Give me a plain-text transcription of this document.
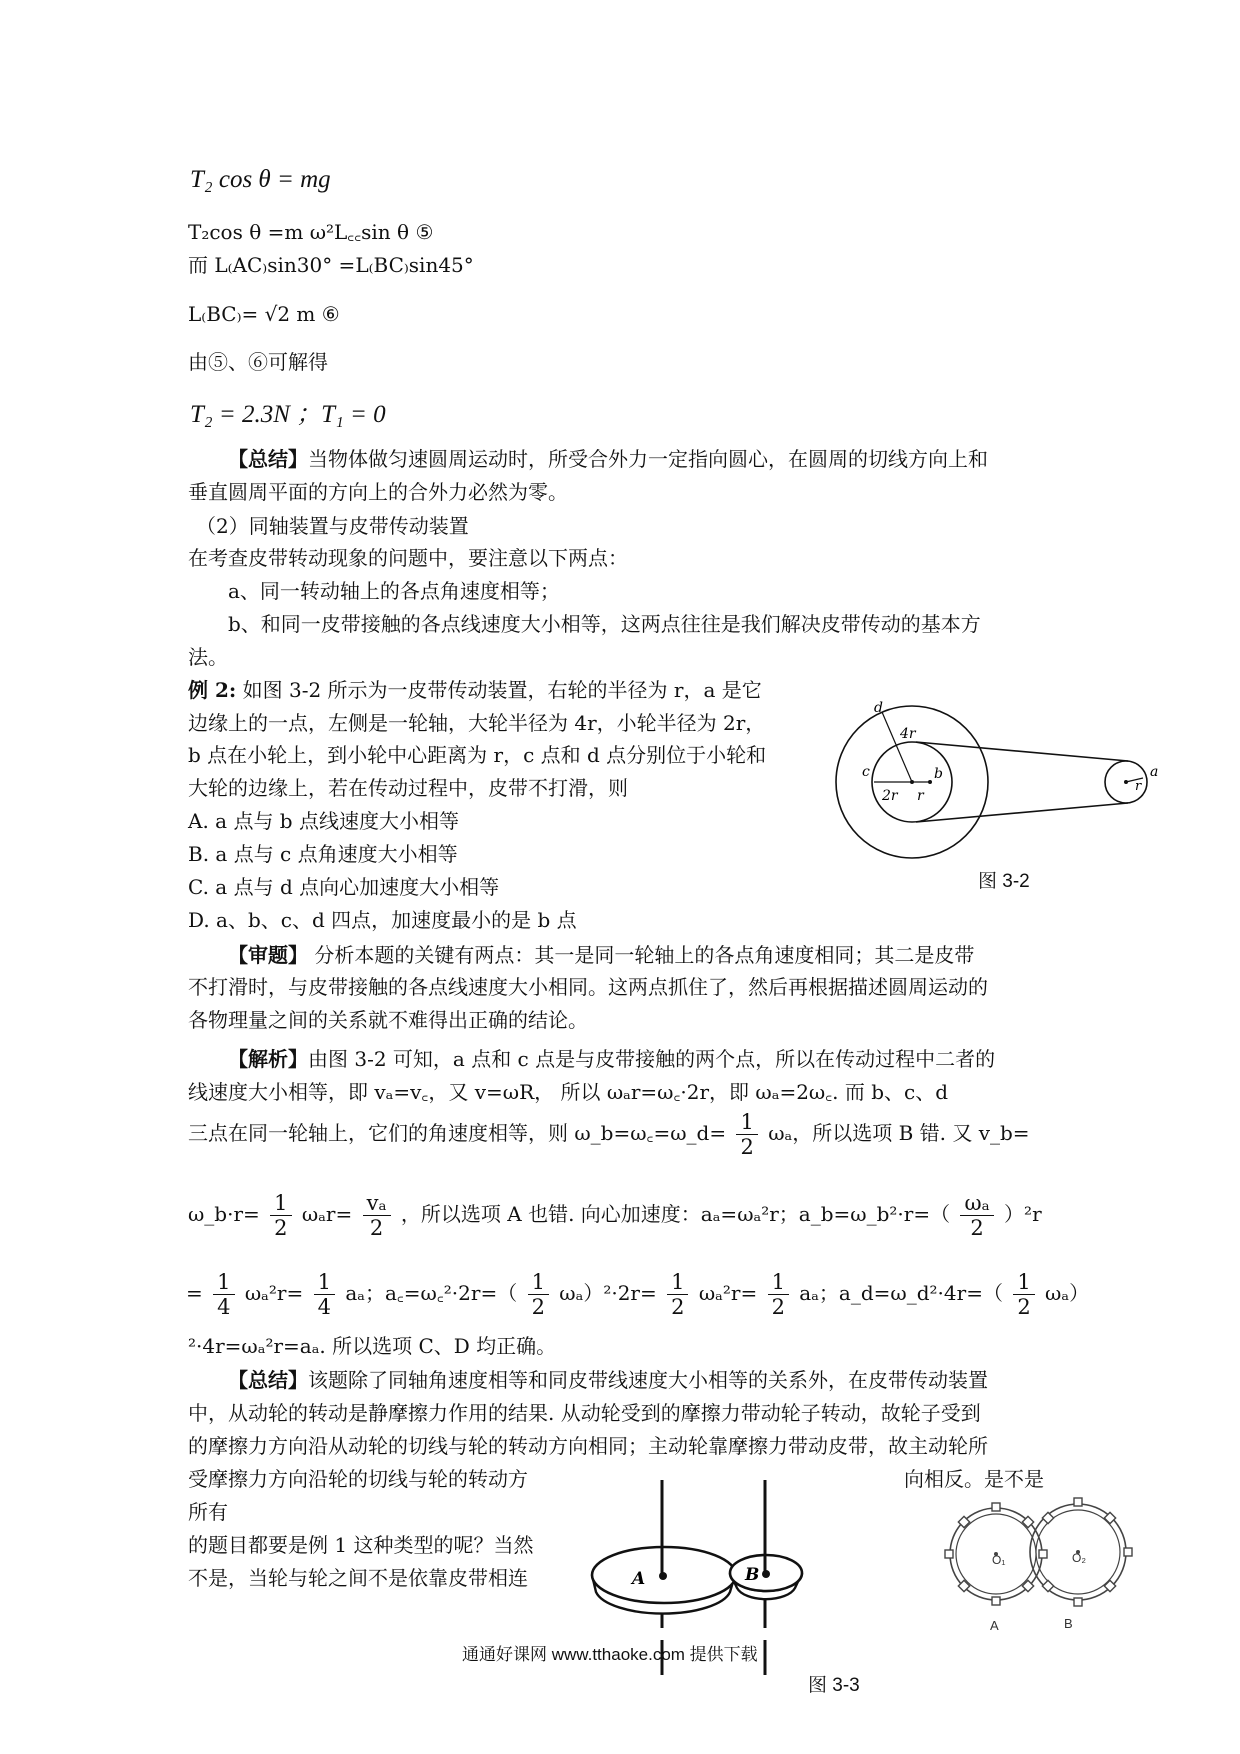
T₂ cos θ = mg
T₂cos θ =m ω²L꜀꜀sin θ ⑤
而 L₍AC₎sin30° =L₍BC₎sin45°
L₍BC₎= √2 m ⑥
由⑤、⑥可解得
T₂ = 2.3N ；T₁ = 0
【总结】当物体做匀速圆周运动时，所受合外力一定指向圆心，在圆周的切线方向上和
垂直圆周平面的方向上的合外力必然为零。
（2）同轴装置与皮带传动装置
在考查皮带转动现象的问题中，要注意以下两点：
a、同一转动轴上的各点角速度相等；
b、和同一皮带接触的各点线速度大小相等，这两点往往是我们解决皮带传动的基本方
法。
例 2: 如图 3-2 所示为一皮带传动装置，右轮的半径为 r，a 是它
边缘上的一点，左侧是一轮轴，大轮半径为 4r，小轮半径为 2r，
b 点在小轮上，到小轮中心距离为 r，c 点和 d 点分别位于小轮和
大轮的边缘上，若在传动过程中，皮带不打滑，则
A. a 点与 b 点线速度大小相等
B. a 点与 c 点角速度大小相等
C. a 点与 d 点向心加速度大小相等
D. a、b、c、d 四点，加速度最小的是 b 点
d
4r
c
2r r
b	a
r
图 3-2
【审题】 分析本题的关键有两点：其一是同一轮轴上的各点角速度相同；其二是皮带
不打滑时，与皮带接触的各点线速度大小相同。这两点抓住了，然后再根据描述圆周运动的
各物理量之间的关系就不难得出正确的结论。
【解析】由图 3-2 可知，a 点和 c 点是与皮带接触的两个点，所以在传动过程中二者的
线速度大小相等，即 vₐ=v꜀，又 v=ωR， 所以 ωₐr=ω꜀·2r，即 ωₐ=2ω꜀. 而 b、c、d
三点在同一轮轴上，它们的角速度相等，则 ω_b=ω꜀=ω_d= $\frac{1}{2}$ ωₐ，所以选项 B 错. 又 v_b=
ω_b·r= $\frac{1}{2} \omega_ar= \frac{\text{vₐ}}{2}$ ，所以选项 A 也错. 向心加速度：aₐ=ωₐ²r；a_b=ω_b²·r=（ $\frac{\text{ωₐ}}{2} )^2r$
= $\frac{1}{4} \omega_a^2r= \frac{1}{4}$ aₐ；a꜀=ω꜀²·2r=（ $\frac{1}{2} \omega_a)^2\cdot 2r= \frac{1}{2} \omega_a^2r= \frac{1}{2}$ aₐ；a_d=ω_d²·4r=（ $\frac{1}{2} \omega_a$）
²·4r=ωₐ²r=aₐ. 所以选项 C、D 均正确。
【总结】该题除了同轴角速度相等和同皮带线速度大小相等的关系外，在皮带传动装置
中，从动轮的转动是静摩擦力作用的结果. 从动轮受到的摩擦力带动轮子转动，故轮子受到
的摩擦力方向沿从动轮的切线与轮的转动方向相同；主动轮靠摩擦力带动皮带，故主动轮所
受摩擦力方向沿轮的切线与轮的转动方	向相反。是不是
所有
的题目都要是例 1 这种类型的呢？当然
不是，当轮与轮之间不是依靠皮带相连	A	B
O₁	O₂
A	B
通通好课网 www.tthaoke.com 提供下载
图 3-3
